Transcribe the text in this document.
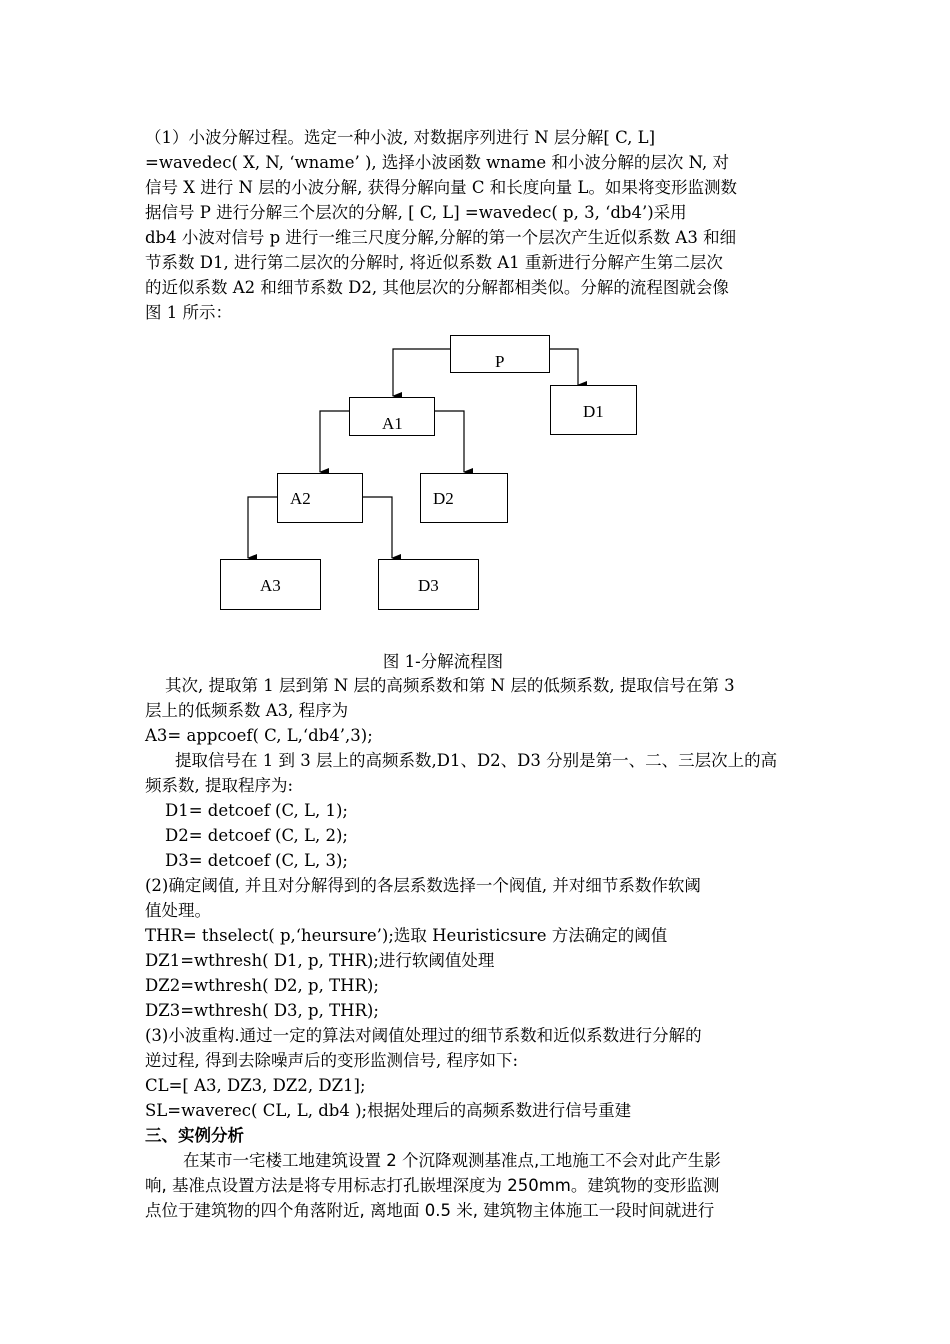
（1）小波分解过程。选定一种小波, 对数据序列进行 N 层分解[ C, L]
=wavedec( X, N, ‘wname’ ), 选择小波函数 wname 和小波分解的层次 N, 对
信号 X 进行 N 层的小波分解, 获得分解向量 C 和长度向量 L。如果将变形监测数
据信号 P 进行分解三个层次的分解, [ C, L] =wavedec( p, 3, ‘db4’)采用
db4 小波对信号 p 进行一维三尺度分解,分解的第一个层次产生近似系数 A3 和细
节系数 D1, 进行第二层次的分解时, 将近似系数 A1 重新进行分解产生第二层次
的近似系数 A2 和细节系数 D2, 其他层次的分解都相类似。分解的流程图就会像
图 1 所示：
P
D1
A1
A2	D2
A3	D3
图 1-分解流程图
其次, 提取第 1 层到第 N 层的高频系数和第 N 层的低频系数, 提取信号在第 3
层上的低频系数 A3, 程序为
A3= appcoef( C, L,‘db4’,3);
提取信号在 1 到 3 层上的高频系数,D1、D2、D3 分别是第一、二、三层次上的高
频系数, 提取程序为:
D1= detcoef (C, L, 1);
D2= detcoef (C, L, 2);
D3= detcoef (C, L, 3);
(2)确定阈值, 并且对分解得到的各层系数选择一个阀值, 并对细节系数作软阈
值处理。
THR= thselect( p,‘heursure’);选取 Heuristicsure 方法确定的阈值
DZ1=wthresh( D1, p, THR);进行软阈值处理
DZ2=wthresh( D2, p, THR);
DZ3=wthresh( D3, p, THR);
(3)小波重构.通过一定的算法对阈值处理过的细节系数和近似系数进行分解的
逆过程, 得到去除噪声后的变形监测信号, 程序如下:
CL=[ A3, DZ3, DZ2, DZ1];
SL=waverec( CL, L, db4 );根据处理后的高频系数进行信号重建
三、实例分析
在某市一宅楼工地建筑设置 2 个沉降观测基准点,工地施工不会对此产生影
响, 基准点设置方法是将专用标志打孔嵌埋深度为 250mm。建筑物的变形监测
点位于建筑物的四个角落附近, 离地面 0.5 米, 建筑物主体施工一段时间就进行
